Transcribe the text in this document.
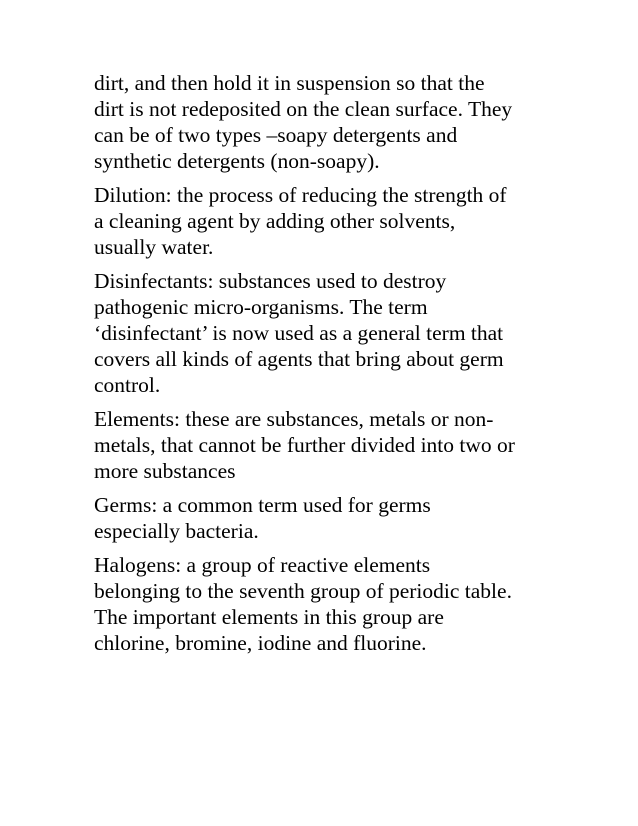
dirt, and then hold it in suspension so that the
dirt is not redeposited on the clean surface. They
can be of two types –soapy detergents and
synthetic detergents (non-soapy).

Dilution: the process of reducing the strength of
a cleaning agent by adding other solvents,
usually water.

Disinfectants: substances used to destroy
pathogenic micro-organisms. The term
‘disinfectant’ is now used as a general term that
covers all kinds of agents that bring about germ
control.

Elements: these are substances, metals or non-
metals, that cannot be further divided into two or
more substances

Germs: a common term used for germs
especially bacteria.

Halogens: a group of reactive elements
belonging to the seventh group of periodic table.
The important elements in this group are
chlorine, bromine, iodine and fluorine.
